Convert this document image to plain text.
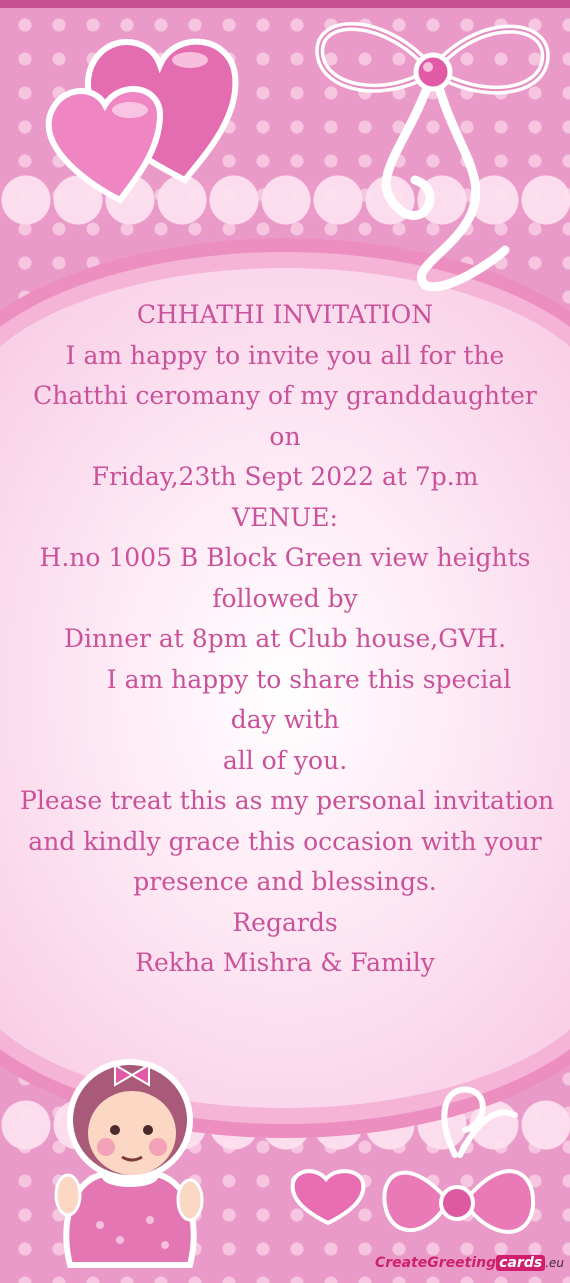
CHHATHI INVITATION
I am happy to invite you all for the
Chatthi ceromany of my granddaughter
on
Friday,23th Sept 2022 at 7p.m
VENUE:
H.no 1005 B Block Green view heights
followed by
Dinner at 8pm at Club house,GVH.
I am happy to share this special
day with
all of you.
Please treat this as my personal invitation
and kindly grace this occasion with your
presence and blessings.
Regards
Rekha Mishra & Family
CreateGreeting cards .eu
